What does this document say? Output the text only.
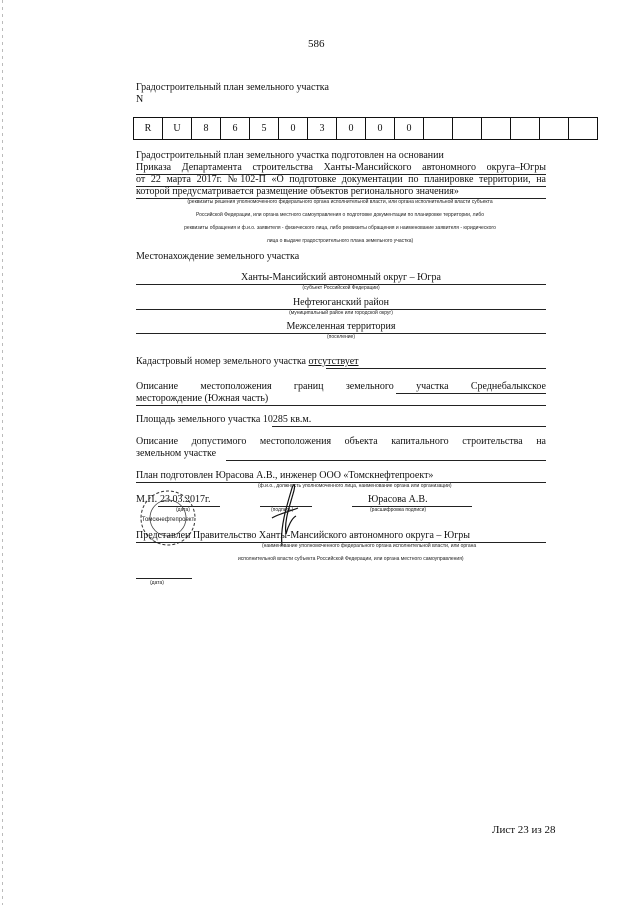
586
Градостроительный план земельного участка
N
R	U	8	6	5	0	3	0	0	0						
Градостроительный план земельного участка подготовлен на основании
Приказа Департамента строительства Ханты-Мансийского автономного округа–Югры
от 22 марта 2017г. №102-П «О подготовке документации по планировке территории, на
которой предусматривается размещение объектов регионального значения»
(реквизиты решения уполномоченного федерального органа исполнительной власти, или органа исполнительной власти субъекта
Российской Федерации, или органа местного самоуправления о подготовке документации по планировке территории, либо
реквизиты обращения и ф.и.о. заявителя - физического лица, либо реквизиты обращения и наименование заявителя - юридического
лица о выдаче градостроительного плана земельного участка)
Местонахождение земельного участка
Ханты-Мансийский автономный округ – Югра
(субъект Российской Федерации)
Нефтеюганский район
(муниципальный район или городской округ)
Межселенная территория
(поселение)
Кадастровый номер земельного участка отсутствует
Описание местоположения границ земельного участка Среднебалыкское
месторождение (Южная часть)
Площадь земельного участка 10285 кв.м.
Описание допустимого местоположения объекта капитального строительства на
земельном участке
План подготовлен Юрасова А.В., инженер ООО «Томскнефтепроект»
(ф.и.о., должность уполномоченного лица, наименование органа или организации)
М.П. 23.03.2017г.
(дата)	(подпись)
Юрасова А.В.
(расшифровка подписи)
Томскнефтепроект
Представлен Правительство Ханты-Мансийского автономного округа – Югры
(наименование уполномоченного федерального органа исполнительной власти, или органа
исполнительной власти субъекта Российской Федерации, или органа местного самоуправления)
(дата)
Лист 23 из 28
